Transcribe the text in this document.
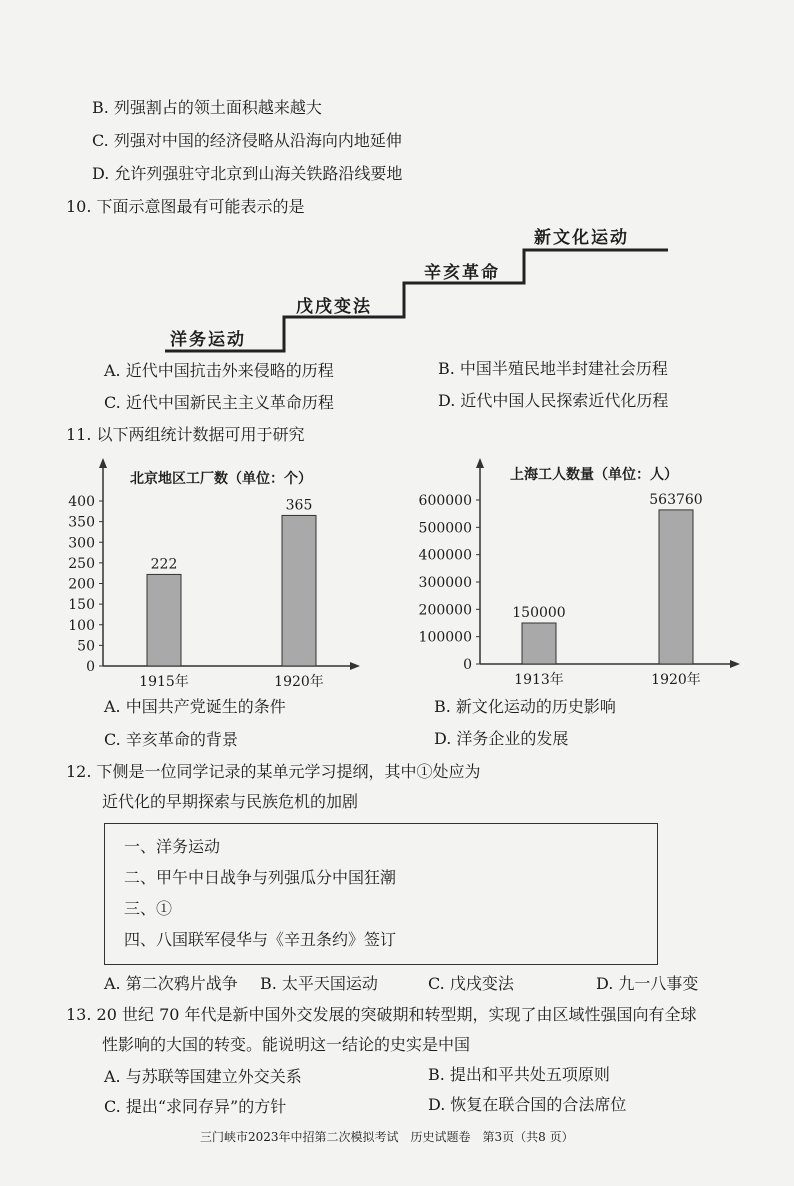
B. 列强割占的领土面积越来越大
C. 列强对中国的经济侵略从沿海向内地延伸
D. 允许列强驻守北京到山海关铁路沿线要地
10. 下面示意图最有可能表示的是
洋务运动
戊戌变法
辛亥革命
新文化运动
A. 近代中国抗击外来侵略的历程	B. 中国半殖民地半封建社会历程
C. 近代中国新民主主义革命历程	D. 近代中国人民探索近代化历程
11. 以下两组统计数据可用于研究
北京地区工厂数（单位：个）
0
50
100
150
200
250
300
350
400
222
1915年
365
1920年
上海工人数量（单位：人）
0
100000
200000
300000
400000
500000
600000
150000
1913年
563760
1920年
A. 中国共产党诞生的条件	B. 新文化运动的历史影响
C. 辛亥革命的背景	D. 洋务企业的发展
12. 下侧是一位同学记录的某单元学习提纲，其中①处应为
近代化的早期探索与民族危机的加剧
一、洋务运动
二、甲午中日战争与列强瓜分中国狂潮
三、①
四、八国联军侵华与《辛丑条约》签订
A. 第二次鸦片战争 B. 太平天国运动	C. 戊戌变法	D. 九一八事变
13. 20 世纪 70 年代是新中国外交发展的突破期和转型期，实现了由区域性强国向有全球
性影响的大国的转变。能说明这一结论的史实是中国
A. 与苏联等国建立外交关系	B. 提出和平共处五项原则
C. 提出“求同存异”的方针	D. 恢复在联合国的合法席位
三门峡市2023年中招第二次模拟考试　历史试题卷　第3页（共8 页）
